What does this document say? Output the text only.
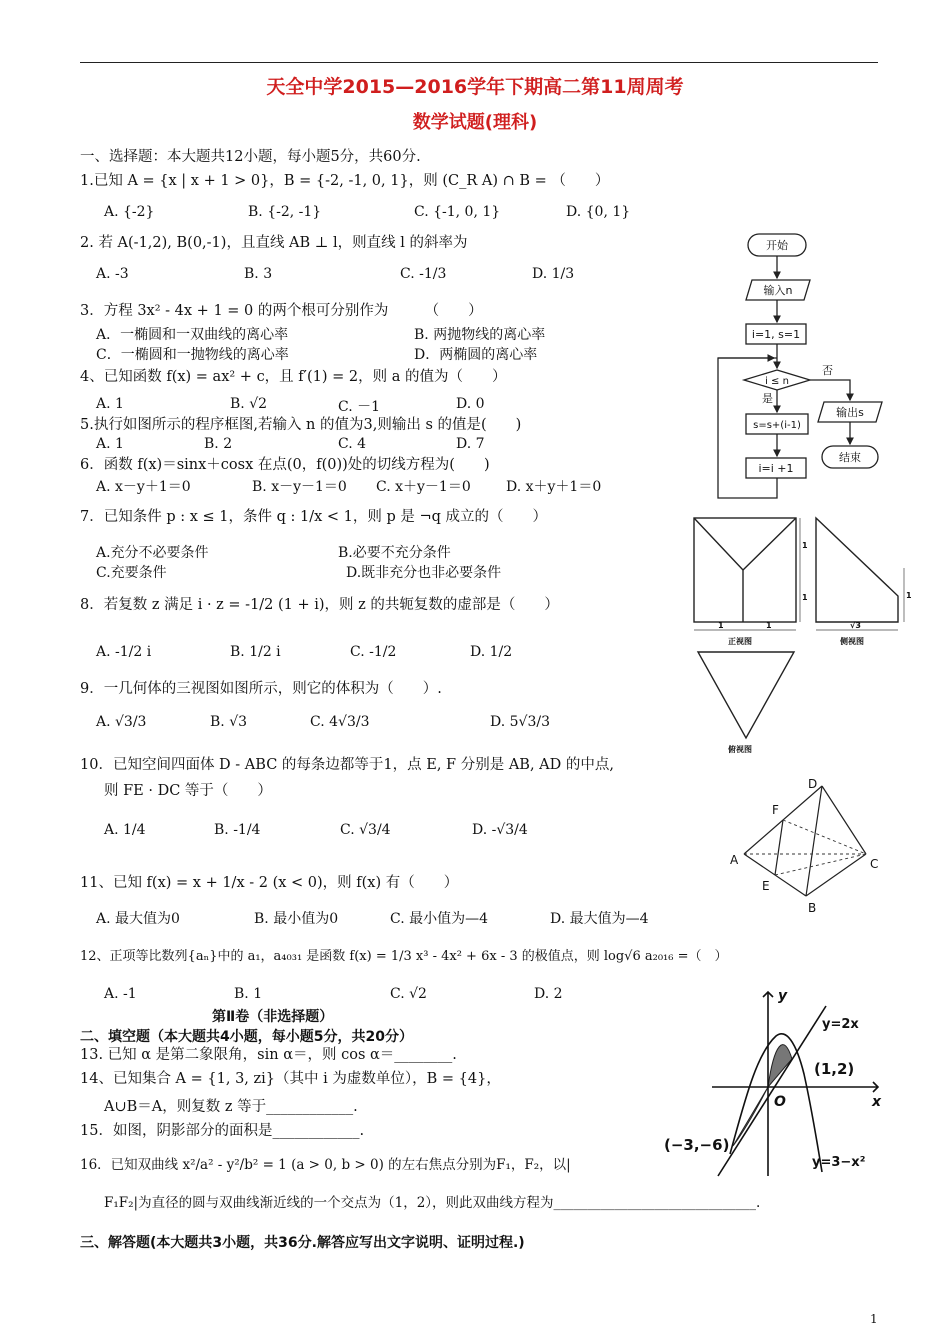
天全中学2015—2016学年下期高二第11周周考
数学试题(理科)
一、选择题：本大题共12小题，每小题5分，共60分.
1.已知 A = {x | x + 1 > 0}，B = {-2, -1, 0, 1}，则 (C_R A) ∩ B = （　　）
A. {-2}	B. {-2, -1}	C. {-1, 0, 1}	D. {0, 1}
2. 若 A(-1,2), B(0,-1)，且直线 AB ⊥ l，则直线 l 的斜率为
A. -3	B. 3	C. -1/3	D. 1/3
3．方程 3x² - 4x + 1 = 0 的两个根可分别作为　　　（　　）
A．一椭圆和一双曲线的离心率	B. 两抛物线的离心率
C．一椭圆和一抛物线的离心率	D．两椭圆的离心率
4、已知函数 f(x) = ax² + c，且 f′(1) = 2，则 a 的值为（　　）
A. 1	B. √2	C. －1	D. 0
5.执行如图所示的程序框图,若输入 n 的值为3,则输出 s 的值是(　　)
A. 1	B. 2	C. 4	D. 7
6．函数 f(x)＝sinx＋cosx 在点(0，f(0))处的切线方程为(　　)
A. x－y＋1＝0	B. x－y－1＝0 C. x＋y－1＝0	D. x＋y＋1＝0
7．已知条件 p : x ≤ 1，条件 q : 1/x < 1，则 p 是 ¬q 成立的（　　）
A.充分不必要条件	B.必要不充分条件
C.充要条件	D.既非充分也非必要条件
8．若复数 z 满足 i · z = -1/2 (1 + i)，则 z 的共轭复数的虚部是（　　）
A. -1/2 i	B. 1/2 i	C. -1/2	D. 1/2
9．一几何体的三视图如图所示，则它的体积为（　　）.
A. √3/3	B. √3	C. 4√3/3	D. 5√3/3
10．已知空间四面体 D - ABC 的每条边都等于1，点 E, F 分别是 AB, AD 的中点,
则 FE · DC 等于（　　）
A. 1/4	B. -1/4	C. √3/4	D. -√3/4
11、已知 f(x) = x + 1/x - 2 (x < 0)，则 f(x) 有（　　）
A. 最大值为0	B. 最小值为0	C. 最小值为—4	D. 最大值为—4
12、正项等比数列{aₙ}中的 a₁，a₄₀₃₁ 是函数 f(x) = 1/3 x³ - 4x² + 6x - 3 的极值点，则 log√6 a₂₀₁₆ =（　）
A. -1	B. 1	C. √2	D. 2
第Ⅱ卷（非选择题）
二、填空题（本大题共4小题，每小题5分，共20分）
13. 已知 α 是第二象限角，sin α＝，则 cos α＝________.
14、已知集合 A = {1, 3, zi}（其中 i 为虚数单位），B = {4}，
A∪B＝A，则复数 z 等于____________.
15．如图，阴影部分的面积是____________.
16．已知双曲线 x²/a² - y²/b² = 1 (a > 0, b > 0) 的左右焦点分别为F₁，F₂，以|
F₁F₂|为直径的圆与双曲线渐近线的一个交点为（1，2），则此双曲线方程为______________________________.
三、解答题(本大题共3小题，共36分.解答应写出文字说明、证明过程.)
1
开始
输入n
i=1, s=1
i ≤ n
否
是
s=s+(i-1)
i=i +1
输出s
结束
1	1
1
1
√3
1
正视图	侧视图
俯视图
D
F
A
E
C
B
y
x
O
y=2x
(1,2)
(−3,−6)
y=3−x²
